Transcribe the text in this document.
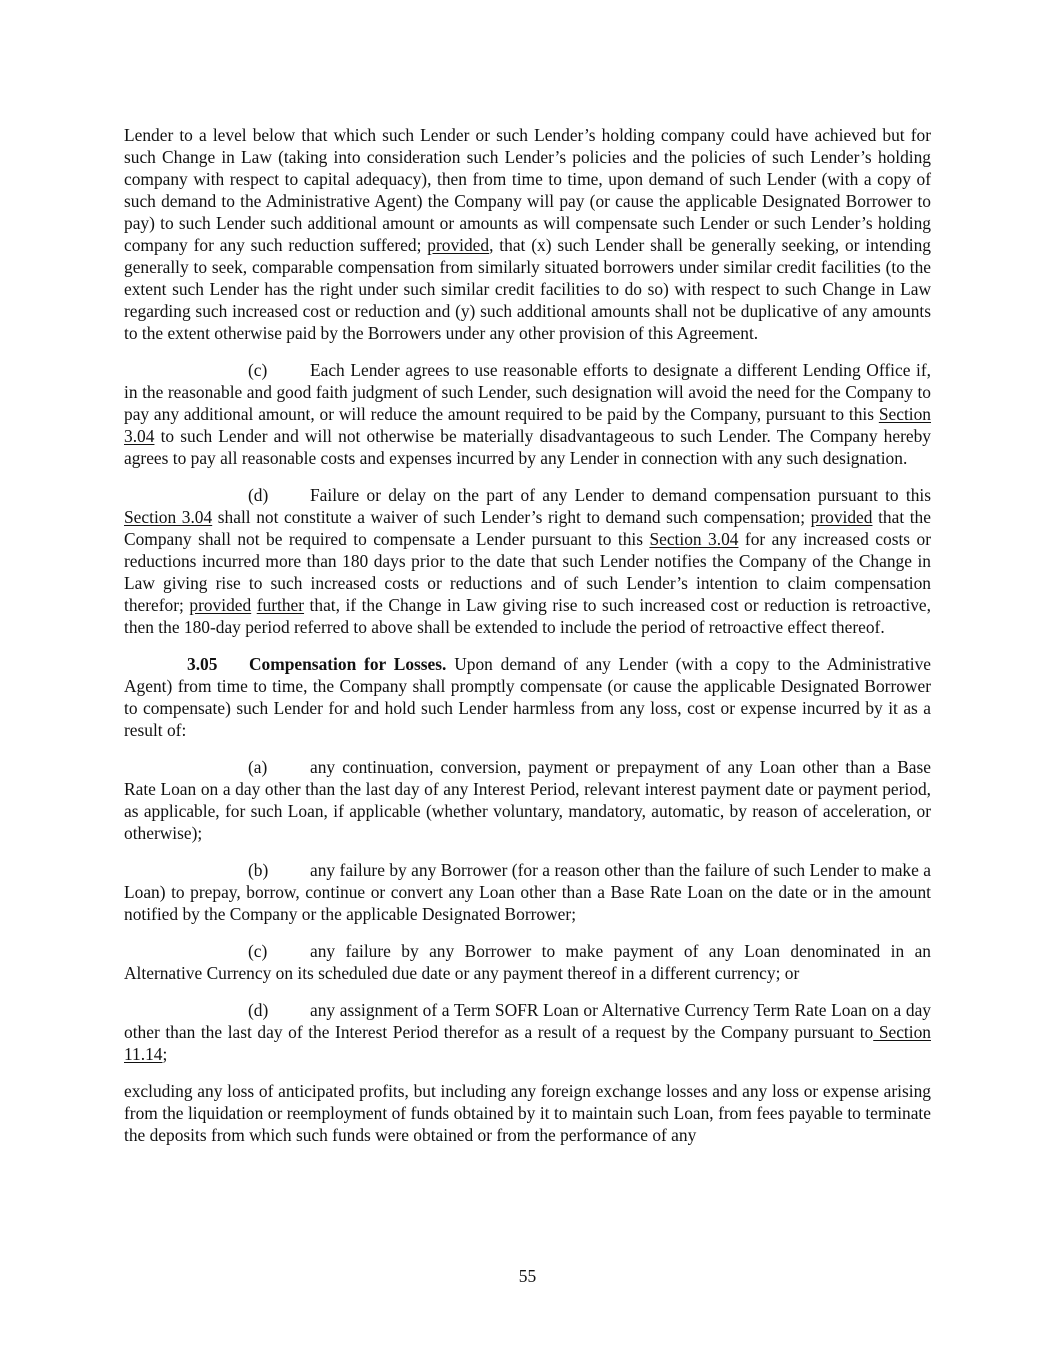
Lender to a level below that which such Lender or such Lender’s holding company could have achieved but for such Change in Law (taking into consideration such Lender’s policies and the policies of such Lender’s holding company with respect to capital adequacy), then from time to time, upon demand of such Lender (with a copy of such demand to the Administrative Agent) the Company will pay (or cause the applicable Designated Borrower to pay) to such Lender such additional amount or amounts as will compensate such Lender or such Lender’s holding company for any such reduction suffered; provided, that (x) such Lender shall be generally seeking, or intending generally to seek, comparable compensation from similarly situated borrowers under similar credit facilities (to the extent such Lender has the right under such similar credit facilities to do so) with respect to such Change in Law regarding such increased cost or reduction and (y) such additional amounts shall not be duplicative of any amounts to the extent otherwise paid by the Borrowers under any other provision of this Agreement.

(c) Each Lender agrees to use reasonable efforts to designate a different Lending Office if, in the reasonable and good faith judgment of such Lender, such designation will avoid the need for the Company to pay any additional amount, or will reduce the amount required to be paid by the Company, pursuant to this Section 3.04 to such Lender and will not otherwise be materially disadvantageous to such Lender. The Company hereby agrees to pay all reasonable costs and expenses incurred by any Lender in connection with any such designation.

(d) Failure or delay on the part of any Lender to demand compensation pursuant to this Section 3.04 shall not constitute a waiver of such Lender’s right to demand such compensation; provided that the Company shall not be required to compensate a Lender pursuant to this Section 3.04 for any increased costs or reductions incurred more than 180 days prior to the date that such Lender notifies the Company of the Change in Law giving rise to such increased costs or reductions and of such Lender’s intention to claim compensation therefor; provided further that, if the Change in Law giving rise to such increased cost or reduction is retroactive, then the 180-day period referred to above shall be extended to include the period of retroactive effect thereof.

3.05 Compensation for Losses. Upon demand of any Lender (with a copy to the Administrative Agent) from time to time, the Company shall promptly compensate (or cause the applicable Designated Borrower to compensate) such Lender for and hold such Lender harmless from any loss, cost or expense incurred by it as a result of:

(a) any continuation, conversion, payment or prepayment of any Loan other than a Base Rate Loan on a day other than the last day of any Interest Period, relevant interest payment date or payment period, as applicable, for such Loan, if applicable (whether voluntary, mandatory, automatic, by reason of acceleration, or otherwise);

(b) any failure by any Borrower (for a reason other than the failure of such Lender to make a Loan) to prepay, borrow, continue or convert any Loan other than a Base Rate Loan on the date or in the amount notified by the Company or the applicable Designated Borrower;

(c) any failure by any Borrower to make payment of any Loan denominated in an Alternative Currency on its scheduled due date or any payment thereof in a different currency; or

(d) any assignment of a Term SOFR Loan or Alternative Currency Term Rate Loan on a day other than the last day of the Interest Period therefor as a result of a request by the Company pursuant to Section 11.14;

excluding any loss of anticipated profits, but including any foreign exchange losses and any loss or expense arising from the liquidation or reemployment of funds obtained by it to maintain such Loan, from fees payable to terminate the deposits from which such funds were obtained or from the performance of any

55
